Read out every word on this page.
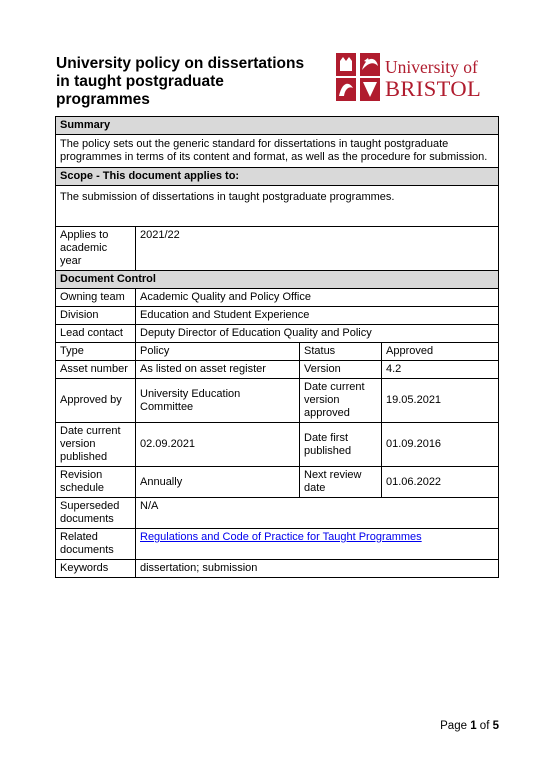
University policy on dissertations
in taught postgraduate
programmes
University of
BRISTOL
Summary			
The policy sets out the generic standard for dissertations in taught postgraduate programmes in terms of its content and format, as well as the procedure for submission.			
Scope - This document applies to:			
The submission of dissertations in taught postgraduate programmes.			
Applies to academic year	2021/22		
Document Control			
Owning team	Academic Quality and Policy Office		
Division	Education and Student Experience		
Lead contact	Deputy Director of Education Quality and Policy		
Type	Policy	Status	Approved
Asset number	As listed on asset register	Version	4.2
Approved by	University Education Committee	Date current version approved	19.05.2021
Date current version published	02.09.2021	Date first published	01.09.2016
Revision schedule	Annually	Next review date	01.06.2022
Superseded documents	N/A		
Related documents	Regulations and Code of Practice for Taught Programmes		
Keywords	dissertation; submission		
Page 1 of 5
